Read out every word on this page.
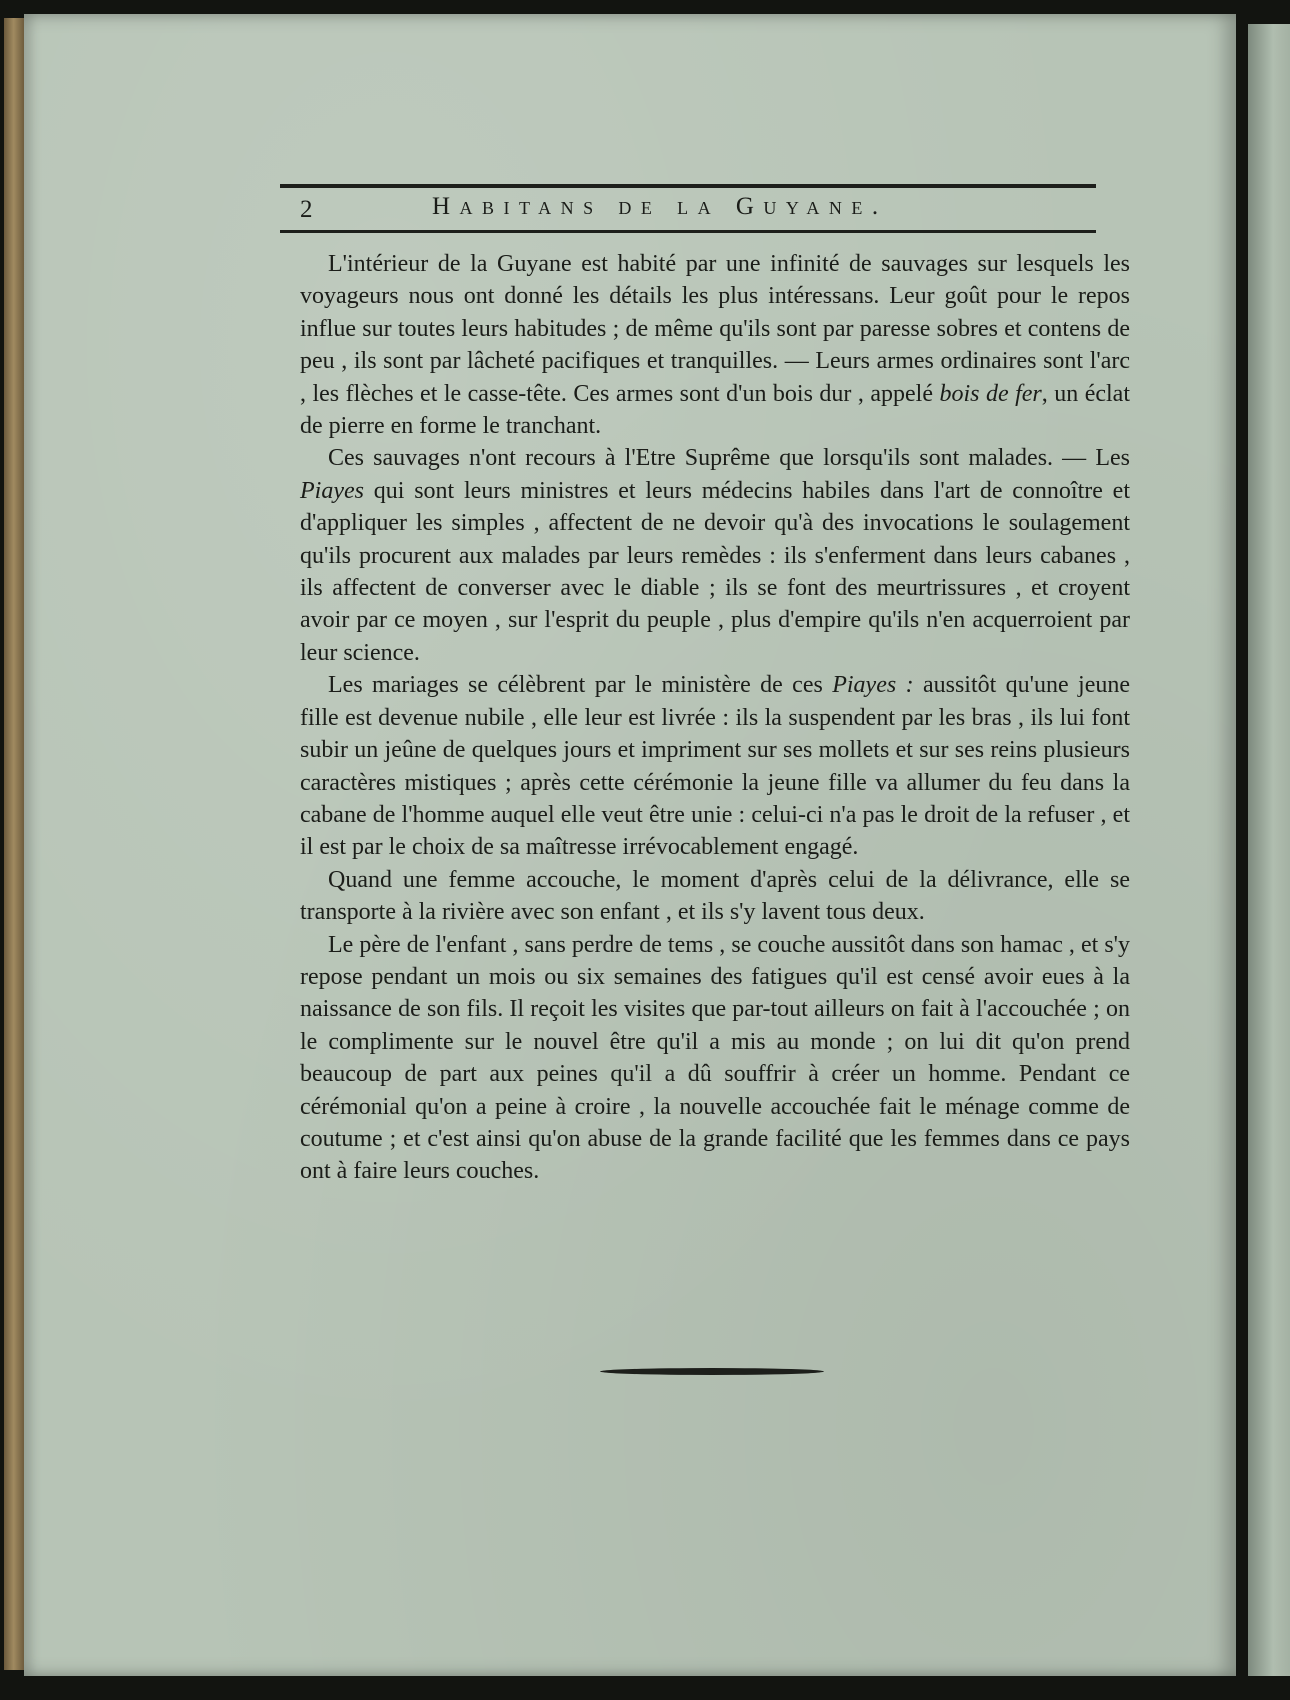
2	Habitans de la Guyane.

L'intérieur de la Guyane est habité par une infinité de sauvages sur lesquels les voyageurs nous ont donné les détails les plus intéressans. Leur goût pour le repos influe sur toutes leurs habitudes ; de même qu'ils sont par paresse sobres et contens de peu , ils sont par lâcheté pacifiques et tranquilles. — Leurs armes ordinaires sont l'arc , les flèches et le casse-tête. Ces armes sont d'un bois dur , appelé bois de fer, un éclat de pierre en forme le tranchant.

Ces sauvages n'ont recours à l'Etre Suprême que lorsqu'ils sont malades. — Les Piayes qui sont leurs ministres et leurs médecins habiles dans l'art de connoître et d'appliquer les simples , affectent de ne devoir qu'à des invocations le soulagement qu'ils procurent aux malades par leurs remèdes : ils s'enferment dans leurs cabanes , ils affectent de converser avec le diable ; ils se font des meurtrissures , et croyent avoir par ce moyen , sur l'esprit du peuple , plus d'empire qu'ils n'en acquerroient par leur science.

Les mariages se célèbrent par le ministère de ces Piayes : aussitôt qu'une jeune fille est devenue nubile , elle leur est livrée : ils la suspendent par les bras , ils lui font subir un jeûne de quelques jours et impriment sur ses mollets et sur ses reins plusieurs caractères mistiques ; après cette cérémonie la jeune fille va allumer du feu dans la cabane de l'homme auquel elle veut être unie : celui-ci n'a pas le droit de la refuser , et il est par le choix de sa maîtresse irrévocablement engagé.

Quand une femme accouche, le moment d'après celui de la délivrance, elle se transporte à la rivière avec son enfant , et ils s'y lavent tous deux.

Le père de l'enfant , sans perdre de tems , se couche aussitôt dans son hamac , et s'y repose pendant un mois ou six semaines des fatigues qu'il est censé avoir eues à la naissance de son fils. Il reçoit les visites que par-tout ailleurs on fait à l'accouchée ; on le complimente sur le nouvel être qu'il a mis au monde ; on lui dit qu'on prend beaucoup de part aux peines qu'il a dû souffrir à créer un homme. Pendant ce cérémonial qu'on a peine à croire , la nouvelle accouchée fait le ménage comme de coutume ; et c'est ainsi qu'on abuse de la grande facilité que les femmes dans ce pays ont à faire leurs couches.
